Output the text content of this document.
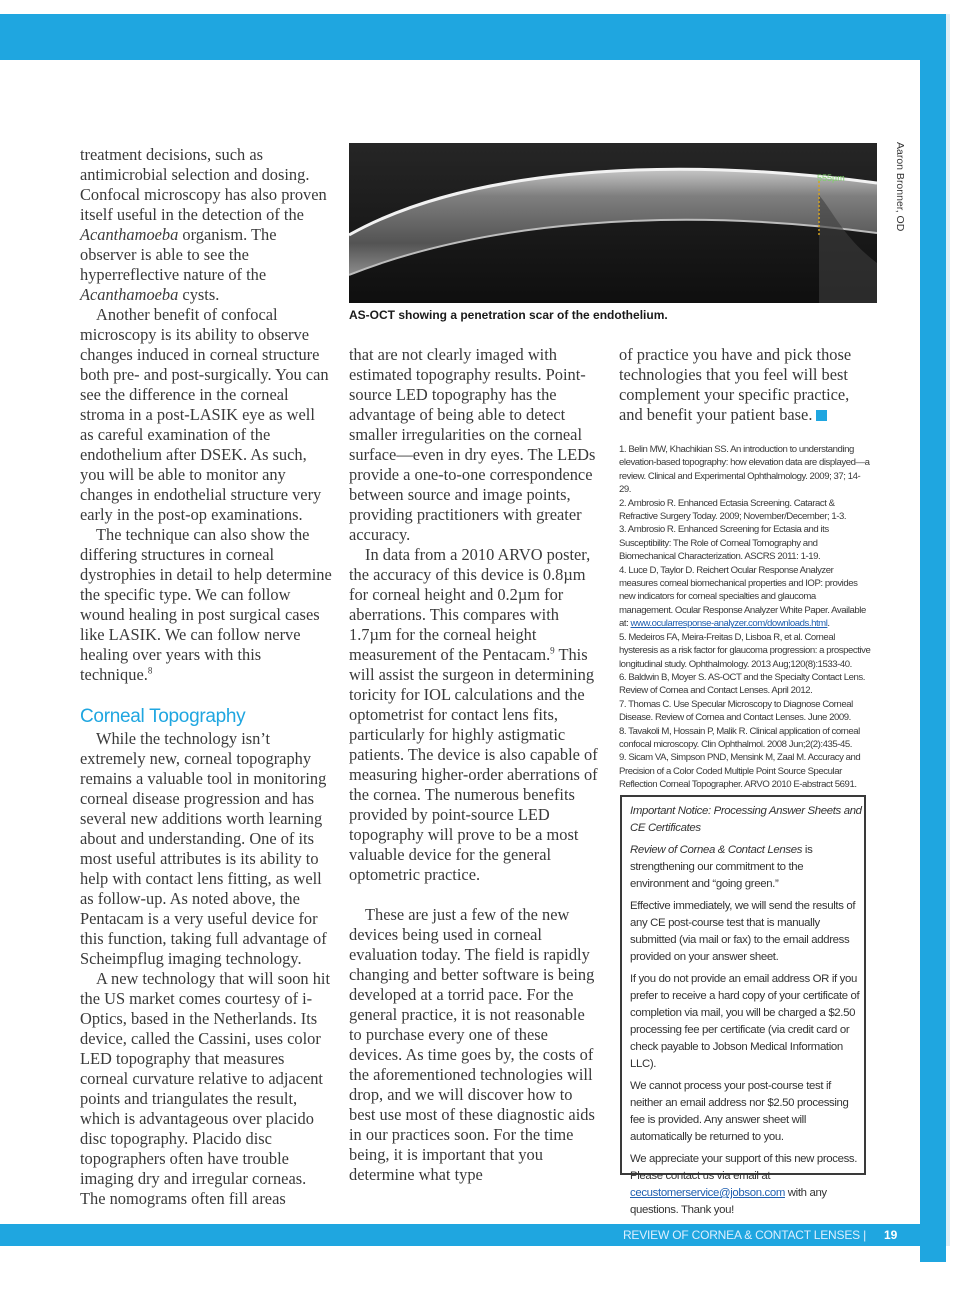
treatment decisions, such as antimicrobial selection and dosing. Confocal microscopy has also proven itself useful in the detection of the Acanthamoeba organism. The observer is able to see the hyperreflective nature of the Acanthamoeba cysts.

Another benefit of confocal microscopy is its ability to observe changes induced in corneal structure both pre- and post-surgically. You can see the difference in the corneal stroma in a post-LASIK eye as well as careful examination of the endothelium after DSEK. As such, you will be able to monitor any changes in endothelial structure very early in the post-op examinations.

The technique can also show the differing structures in corneal dystrophies in detail to help determine the specific type. We can follow wound healing in post surgical cases like LASIK. We can follow nerve healing over years with this technique.$^8$

Corneal Topography

While the technology isn’t extremely new, corneal topography remains a valuable tool in monitoring corneal disease progression and has several new additions worth learning about and understanding. One of its most useful attributes is its ability to help with contact lens fitting, as well as follow-up. As noted above, the Pentacam is a very useful device for this function, taking full advantage of Scheimpflug imaging technology.

A new technology that will soon hit the US market comes courtesy of i-Optics, based in the Netherlands. Its device, called the Cassini, uses color LED topography that measures corneal curvature relative to adjacent points and triangulates the result, which is advantageous over placido disc topography. Placido disc topographers often have trouble imaging dry and irregular corneas. The nomograms often fill areas

555µm
AS-OCT showing a penetration scar of the endothelium.
Aaron Bronner, OD

that are not clearly imaged with estimated topography results. Point-source LED topography has the advantage of being able to detect smaller irregularities on the corneal surface—even in dry eyes. The LEDs provide a one-to-one correspondence between source and image points, providing practitioners with greater accuracy.

In data from a 2010 ARVO poster, the accuracy of this device is 0.8µm for corneal height and 0.2µm for aberrations. This compares with 1.7µm for the corneal height measurement of the Pentacam.$^9$ This will assist the surgeon in determining toricity for IOL calculations and the optometrist for contact lens fits, particularly for highly astigmatic patients. The device is also capable of measuring higher-order aberrations of the cornea. The numerous benefits provided by point-source LED topography will prove to be a most valuable device for the general optometric practice.

These are just a few of the new devices being used in corneal evaluation today. The field is rapidly changing and better software is being developed at a torrid pace. For the general practice, it is not reasonable to purchase every one of these devices. As time goes by, the costs of the aforementioned technologies will drop, and we will discover how to best use most of these diagnostic aids in our practices soon. For the time being, it is important that you determine what type

of practice you have and pick those technologies that you feel will best complement your specific practice, and benefit your patient base.

1. Belin MW, Khachikian SS. An introduction to understanding elevation-based topography: how elevation data are displayed—a review. Clinical and Experimental Ophthalmology. 2009; 37; 14-29.
2. Ambrosio R. Enhanced Ectasia Screening. Cataract & Refractive Surgery Today. 2009; November/December; 1-3.
3. Ambrosio R. Enhanced Screening for Ectasia and its Susceptibility: The Role of Corneal Tomography and Biomechanical Characterization. ASCRS 2011: 1-19.
4. Luce D, Taylor D. Reichert Ocular Response Analyzer measures corneal biomechanical properties and IOP: provides new indicators for corneal specialties and glaucoma management. Ocular Response Analyzer White Paper. Available at: www.ocularresponse-analyzer.com/downloads.html.
5. Medeiros FA, Meira-Freitas D, Lisboa R, et al. Corneal hysteresis as a risk factor for glaucoma progression: a prospective longitudinal study. Ophthalmology. 2013 Aug;120(8):1533-40.
6. Baldwin B, Moyer S. AS-OCT and the Specialty Contact Lens. Review of Cornea and Contact Lenses. April 2012.
7. Thomas C. Use Specular Microscopy to Diagnose Corneal Disease. Review of Cornea and Contact Lenses. June 2009.
8. Tavakoli M, Hossain P, Malik R. Clinical application of corneal confocal microscopy. Clin Ophthalmol. 2008 Jun;2(2):435-45.
9. Sicam VA, Simpson PND, Mensink M, Zaal M. Accuracy and Precision of a Color Coded Multiple Point Source Specular Reflection Corneal Topographer. ARVO 2010 E-abstract 5691.

Important Notice: Processing Answer Sheets and CE Certificates

Review of Cornea & Contact Lenses is strengthening our commitment to the environment and “going green.”

Effective immediately, we will send the results of any CE post-course test that is manually submitted (via mail or fax) to the email address provided on your answer sheet.

If you do not provide an email address OR if you prefer to receive a hard copy of your certificate of completion via mail, you will be charged a $2.50 processing fee per certificate (via credit card or check payable to Jobson Medical Information LLC).

We cannot process your post-course test if neither an email address nor $2.50 processing fee is provided. Any answer sheet will automatically be returned to you.

We appreciate your support of this new process. Please contact us via email at cecustomerservice@jobson.com with any questions. Thank you!

REVIEW OF CORNEA & CONTACT LENSES | OCTOBER 2013
19
